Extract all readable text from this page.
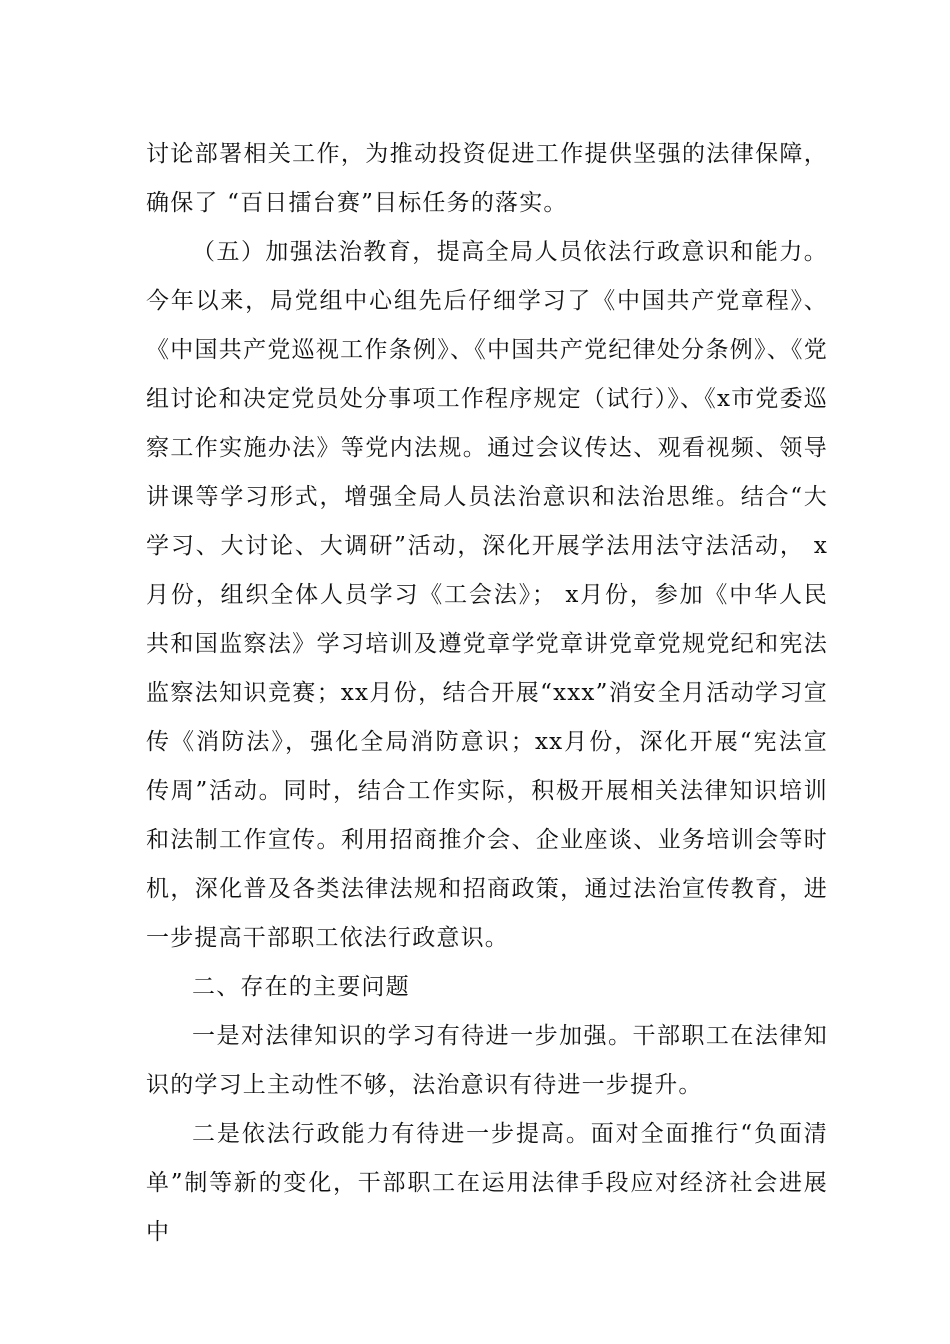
讨论部署相关工作，为推动投资促进工作提供坚强的法律保障，确保了 “百日擂台赛”目标任务的落实。

（五）加强法治教育，提高全局人员依法行政意识和能力。今年以来，局党组中心组先后仔细学习了《中国共产党章程》、《中国共产党巡视工作条例》、《中国共产党纪律处分条例》、《党组讨论和决定党员处分事项工作程序规定（试行）》、《x市党委巡察工作实施办法》等党内法规。通过会议传达、观看视频、领导讲课等学习形式，增强全局人员法治意识和法治思维。结合“大学习、大讨论、大调研”活动，深化开展学法用法守法活动， x月份，组织全体人员学习《工会法》； x月份，参加《中华人民共和国监察法》学习培训及遵党章学党章讲党章党规党纪和宪法监察法知识竞赛；xx月份，结合开展“xxx”消安全月活动学习宣传《消防法》，强化全局消防意识；xx月份，深化开展“宪法宣传周”活动。同时，结合工作实际，积极开展相关法律知识培训和法制工作宣传。利用招商推介会、企业座谈、业务培训会等时机，深化普及各类法律法规和招商政策，通过法治宣传教育，进一步提高干部职工依法行政意识。

二、存在的主要问题

一是对法律知识的学习有待进一步加强。干部职工在法律知识的学习上主动性不够，法治意识有待进一步提升。

二是依法行政能力有待进一步提高。面对全面推行“负面清单”制等新的变化，干部职工在运用法律手段应对经济社会进展中
